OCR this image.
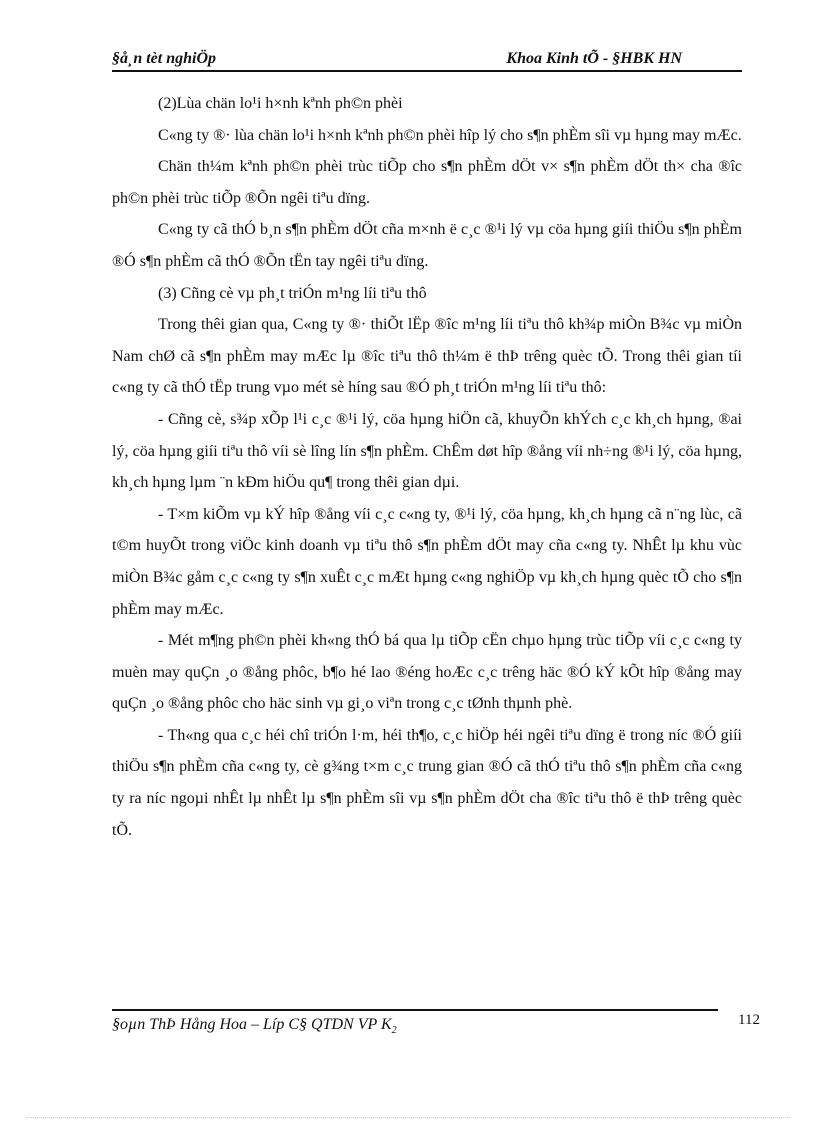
§å¸n tèt nghiÖp	Khoa Kinh tÕ - §HBK HN

(2)Lùa chän lo¹i h×nh kªnh ph©n phèi

C«ng ty ®· lùa chän lo¹i h×nh kªnh ph©n phèi hîp lý cho s¶n phÈm sîi vµ hµng may mÆc.

Chän th¼m kªnh ph©n phèi trùc tiÕp cho s¶n phÈm dÖt v× s¶n phÈm dÖt th× cha ®îc ph©n phèi trùc tiÕp ®Õn ngêi tiªu dïng.

C«ng ty cã thÓ b¸n s¶n phÈm dÖt cña m×nh ë c¸c ®¹i lý vµ cöa hµng giíi thiÖu s¶n phÈm ®Ó s¶n phÈm cã thÓ ®Õn tËn tay ngêi tiªu dïng.

(3) Cñng cè vµ ph¸t triÓn m¹ng líi tiªu thô

Trong thêi gian qua, C«ng ty ®· thiÕt lËp ®îc m¹ng líi tiªu thô kh¾p miÒn B¾c vµ miÒn Nam chØ cã s¶n phÈm may mÆc lµ ®îc tiªu thô th¼m ë thÞ trêng quèc tÕ. Trong thêi gian tíi c«ng ty cã thÓ tËp trung vµo mét sè híng sau ®Ó ph¸t triÓn m¹ng líi tiªu thô:

- Cñng cè, s¾p xÕp l¹i c¸c ®¹i lý, cöa hµng hiÖn cã, khuyÕn khÝch c¸c kh¸ch hµng, ®ai lý, cöa hµng giíi tiªu thô víi sè lîng lín s¶n phÈm. ChÊm døt hîp ®ång víi nh÷ng ®¹i lý, cöa hµng, kh¸ch hµng lµm ¨n kÐm hiÖu qu¶ trong thêi gian dµi.

- T×m kiÕm vµ kÝ hîp ®ång víi c¸c c«ng ty, ®¹i lý, cöa hµng, kh¸ch hµng cã n¨ng lùc, cã t©m huyÕt trong viÖc kinh doanh vµ tiªu thô s¶n phÈm dÖt may cña c«ng ty. NhÊt lµ khu vùc miÒn B¾c gåm c¸c c«ng ty s¶n xuÊt c¸c mÆt hµng c«ng nghiÖp vµ kh¸ch hµng quèc tÕ cho s¶n phÈm may mÆc.

- Mét m¶ng ph©n phèi kh«ng thÓ bá qua lµ tiÕp cËn chµo hµng trùc tiÕp víi c¸c c«ng ty muèn may quÇn ¸o ®ång phôc, b¶o hé lao ®éng hoÆc c¸c trêng häc ®Ó kÝ kÕt hîp ®ång may quÇn ¸o ®ång phôc cho häc sinh vµ gi¸o viªn trong c¸c tØnh thµnh phè.

- Th«ng qua c¸c héi chî triÓn l·m, héi th¶o, c¸c hiÖp héi ngêi tiªu dïng ë trong níc ®Ó giíi thiÖu s¶n phÈm cña c«ng ty, cè g¾ng t×m c¸c trung gian ®Ó cã thÓ tiªu thô s¶n phÈm cña c«ng ty ra níc ngoµi nhÊt lµ nhÊt lµ s¶n phÈm sîi vµ s¶n phÈm dÖt cha ®îc tiªu thô ë thÞ trêng quèc tÕ.

§oµn ThÞ Hång Hoa – Líp C§ QTDN VP $K_2$
112
